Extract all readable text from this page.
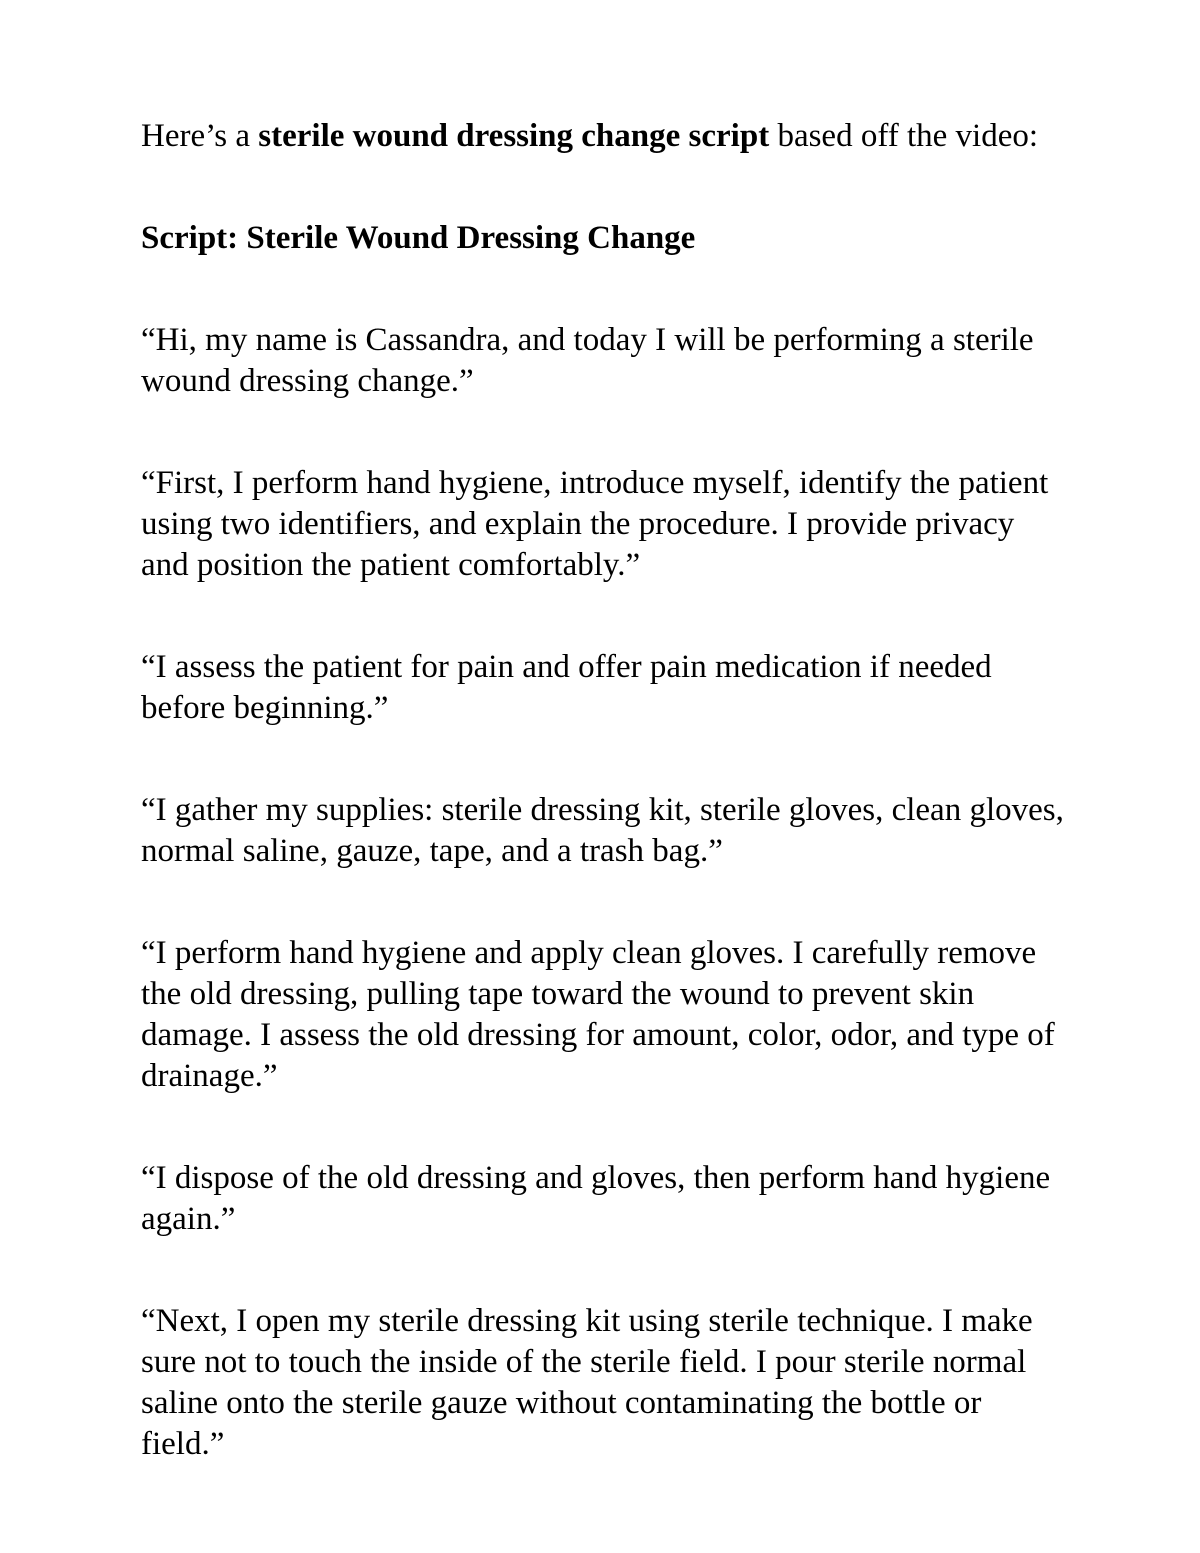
Here’s a sterile wound dressing change script based off the video:

Script: Sterile Wound Dressing Change

“Hi, my name is Cassandra, and today I will be performing a sterile wound dressing change.”

“First, I perform hand hygiene, introduce myself, identify the patient using two identifiers, and explain the procedure. I provide privacy and position the patient comfortably.”

“I assess the patient for pain and offer pain medication if needed before beginning.”

“I gather my supplies: sterile dressing kit, sterile gloves, clean gloves, normal saline, gauze, tape, and a trash bag.”

“I perform hand hygiene and apply clean gloves. I carefully remove the old dressing, pulling tape toward the wound to prevent skin damage. I assess the old dressing for amount, color, odor, and type of drainage.”

“I dispose of the old dressing and gloves, then perform hand hygiene again.”

“Next, I open my sterile dressing kit using sterile technique. I make sure not to touch the inside of the sterile field. I pour sterile normal saline onto the sterile gauze without contaminating the bottle or field.”
